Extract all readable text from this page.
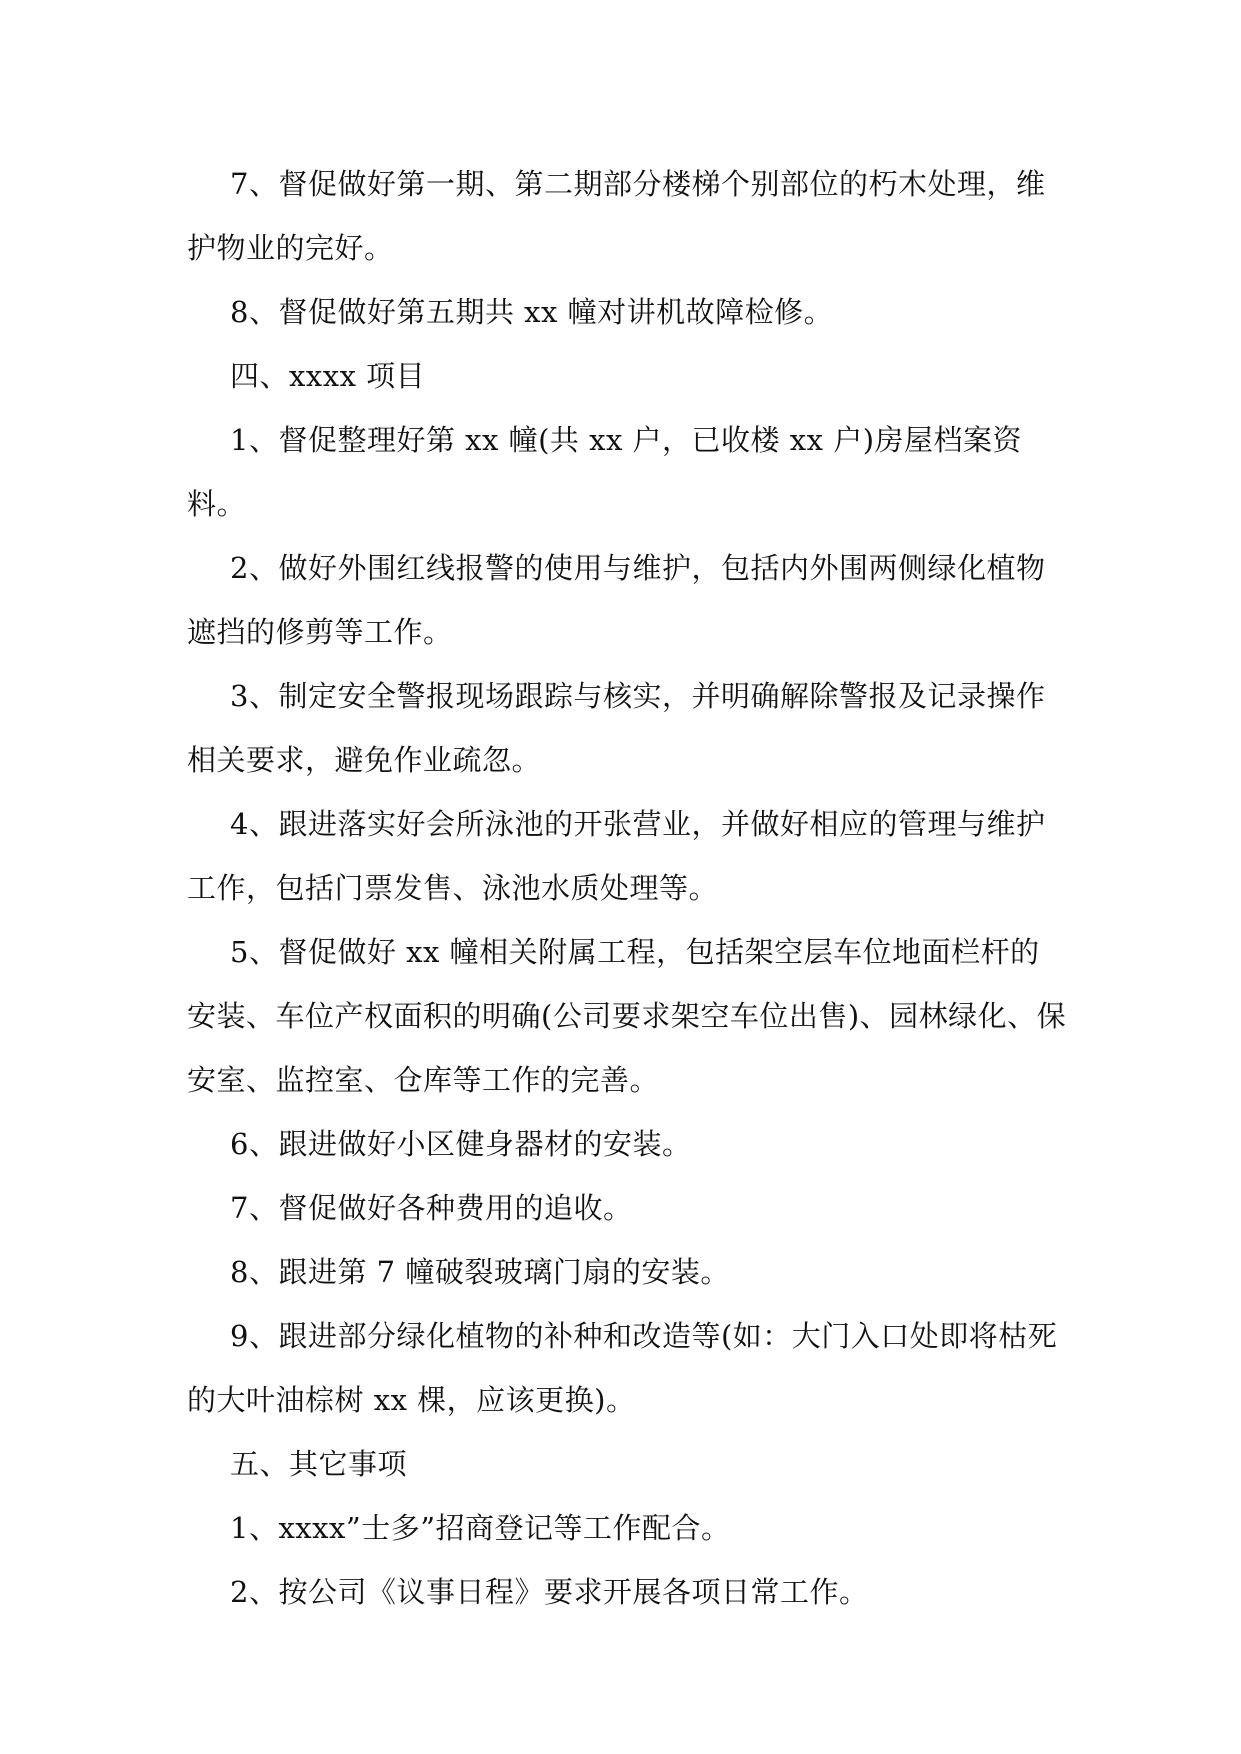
7、督促做好第一期、第二期部分楼梯个别部位的朽木处理，维护物业的完好。

8、督促做好第五期共 xx 幢对讲机故障检修。

四、xxxx 项目

1、督促整理好第 xx 幢(共 xx 户，已收楼 xx 户)房屋档案资料。

2、做好外围红线报警的使用与维护，包括内外围两侧绿化植物遮挡的修剪等工作。

3、制定安全警报现场跟踪与核实，并明确解除警报及记录操作相关要求，避免作业疏忽。

4、跟进落实好会所泳池的开张营业，并做好相应的管理与维护工作，包括门票发售、泳池水质处理等。

5、督促做好 xx 幢相关附属工程，包括架空层车位地面栏杆的安装、车位产权面积的明确(公司要求架空车位出售)、园林绿化、保安室、监控室、仓库等工作的完善。

6、跟进做好小区健身器材的安装。

7、督促做好各种费用的追收。

8、跟进第 7 幢破裂玻璃门扇的安装。

9、跟进部分绿化植物的补种和改造等(如：大门入口处即将枯死的大叶油棕树 xx 棵，应该更换)。

五、其它事项

1、xxxx”士多”招商登记等工作配合。

2、按公司《议事日程》要求开展各项日常工作。
